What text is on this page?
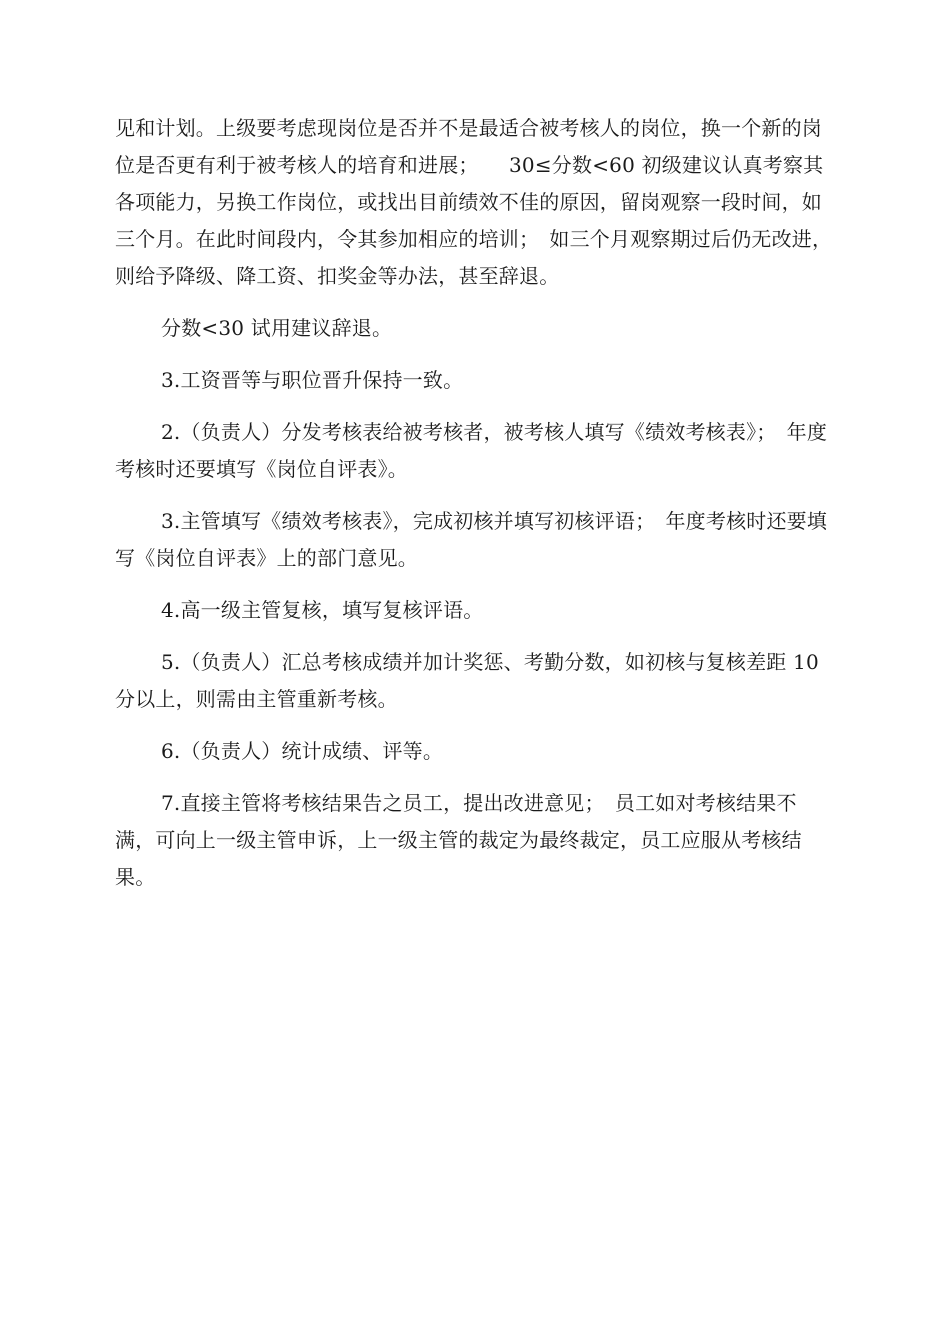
见和计划。上级要考虑现岗位是否并不是最适合被考核人的岗位，换一个新的岗位是否更有利于被考核人的培育和进展；　　30≤分数<60 初级建议认真考察其各项能力，另换工作岗位，或找出目前绩效不佳的原因，留岗观察一段时间，如三个月。在此时间段内，令其参加相应的培训；　如三个月观察期过后仍无改进，则给予降级、降工资、扣奖金等办法，甚至辞退。

分数<30 试用建议辞退。

3.工资晋等与职位晋升保持一致。

2.（负责人）分发考核表给被考核者，被考核人填写《绩效考核表》；　年度考核时还要填写《岗位自评表》。

3.主管填写《绩效考核表》，完成初核并填写初核评语；　年度考核时还要填写《岗位自评表》上的部门意见。

4.高一级主管复核，填写复核评语。

5.（负责人）汇总考核成绩并加计奖惩、考勤分数，如初核与复核差距 10 分以上，则需由主管重新考核。

6.（负责人）统计成绩、评等。

7.直接主管将考核结果告之员工，提出改进意见；　员工如对考核结果不满，可向上一级主管申诉，上一级主管的裁定为最终裁定，员工应服从考核结果。
